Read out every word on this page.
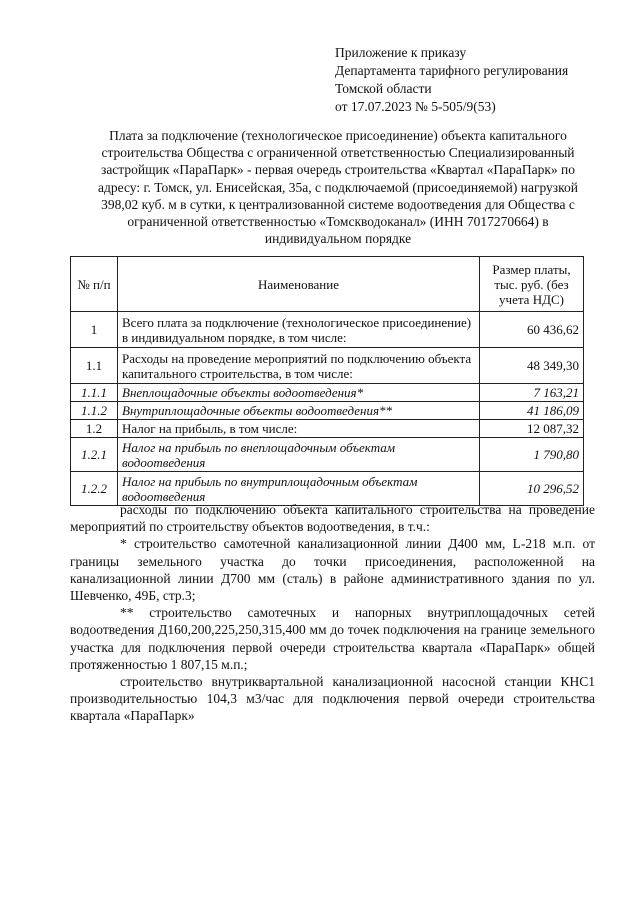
Приложение к приказу
Департамента тарифного регулирования
Томской области
от 17.07.2023 № 5-505/9(53)
Плата за подключение (технологическое присоединение) объекта капитального
строительства Общества с ограниченной ответственностью Специализированный
застройщик «ПараПарк» - первая очередь строительства «Квартал «ПараПарк» по
адресу: г. Томск, ул. Енисейская, 35а, с подключаемой (присоединяемой) нагрузкой
398,02 куб. м в сутки, к централизованной системе водоотведения для Общества с
ограниченной ответственностью «Томскводоканал» (ИНН 7017270664) в
индивидуальном порядке
№ п/п	Наименование	Размер платы, тыс. руб. (без учета НДС)
1	Всего плата за подключение (технологическое присоединение) в индивидуальном порядке, в том числе:	60 436,62
1.1	Расходы на проведение мероприятий по подключению объекта капитального строительства, в том числе:	48 349,30
1.1.1	Внеплощадочные объекты водоотведения*	7 163,21
1.1.2	Внутриплощадочные объекты водоотведения**	41 186,09
1.2	Налог на прибыль, в том числе:	12 087,32
1.2.1	Налог на прибыль по внеплощадочным объектам водоотведения	1 790,80
1.2.2	Налог на прибыль по внутриплощадочным объектам водоотведения	10 296,52

расходы по подключению объекта капитального строительства на проведение мероприятий по строительству объектов водоотведения, в т.ч.:

* строительство самотечной канализационной линии Д400 мм, L-218 м.п. от границы земельного участка до точки присоединения, расположенной на канализационной линии Д700 мм (сталь) в районе административного здания по ул. Шевченко, 49Б, стр.3;

** строительство самотечных и напорных внутриплощадочных сетей водоотведения Д160,200,225,250,315,400 мм до точек подключения на границе земельного участка для подключения первой очереди строительства квартала «ПараПарк» общей протяженностью 1 807,15 м.п.;

строительство внутриквартальной канализационной насосной станции КНС1 производительностью 104,3 м3/час для подключения первой очереди строительства квартала «ПараПарк»
